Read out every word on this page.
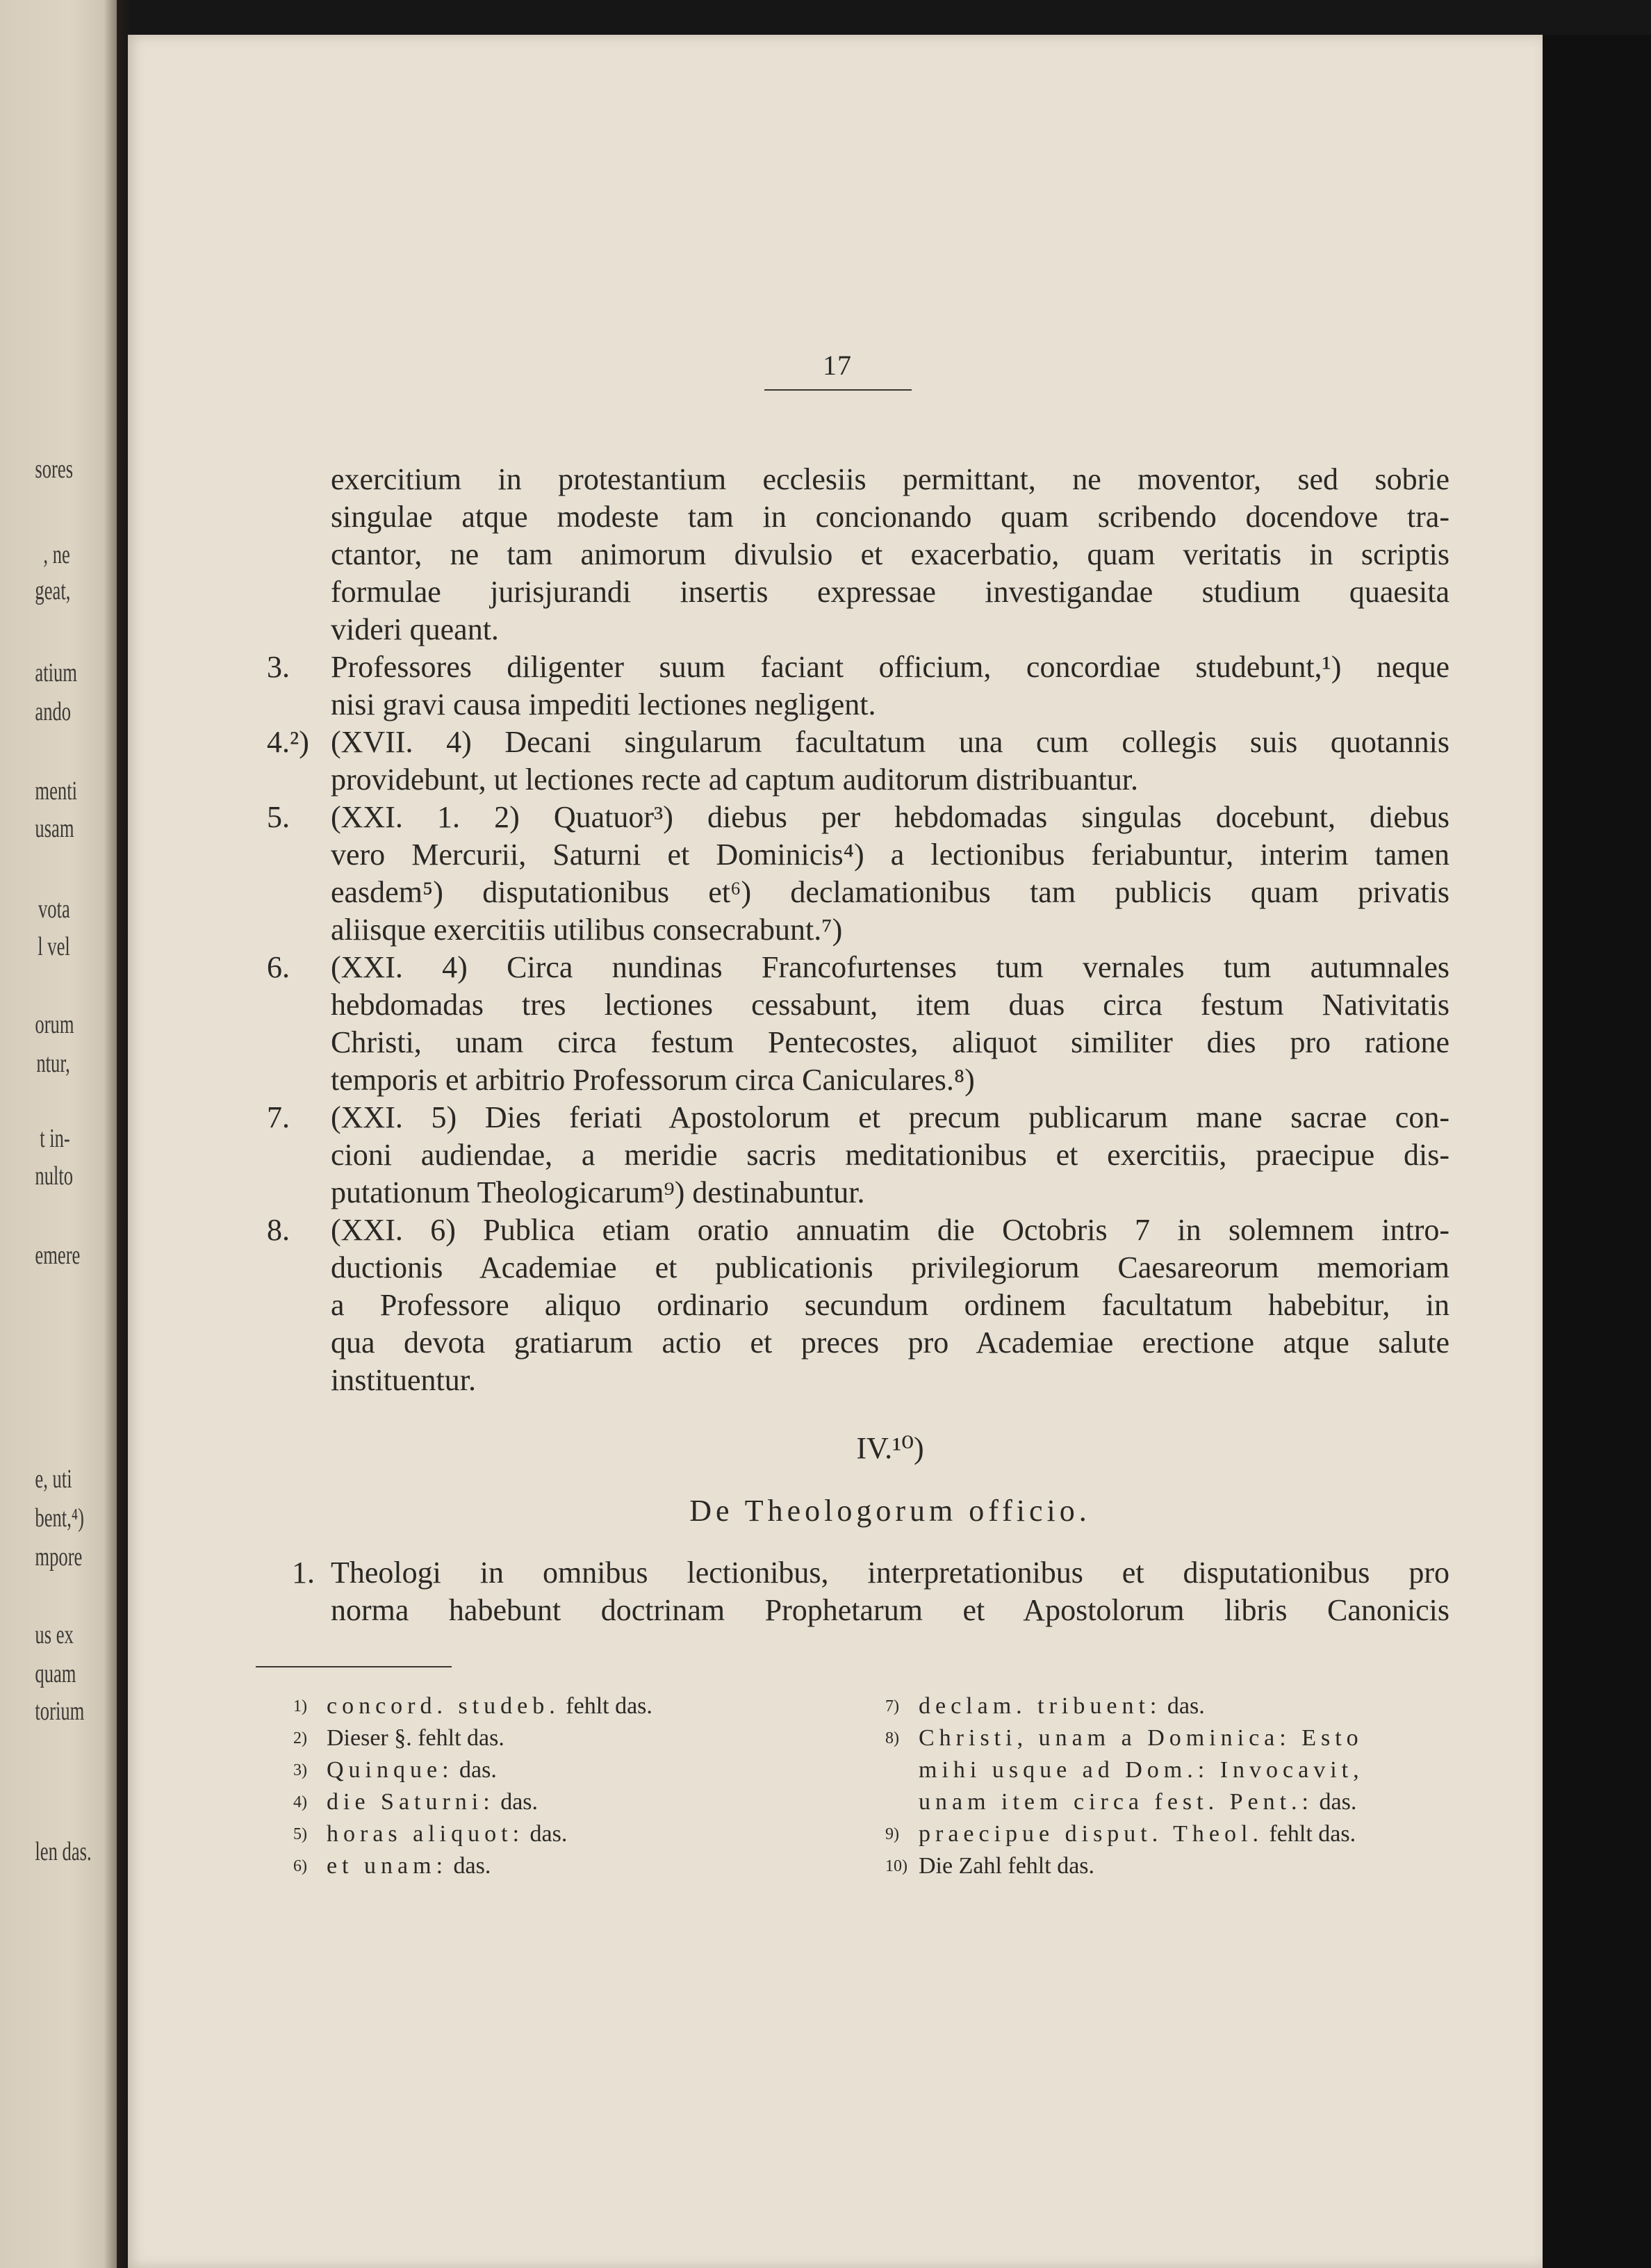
sores
, ne
geat,
atium
ando
menti
usam
vota
l vel
orum
ntur,
t in-
nulto
emere
e, uti
bent,⁴)
mpore
us ex
quam
torium
len das.
17
exercitium in protestantium ecclesiis permittant, ne moventor, sed sobrie
singulae atque modeste tam in concionando quam scribendo docendove tra-
ctantor, ne tam animorum divulsio et exacerbatio, quam veritatis in scriptis
formulae jurisjurandi insertis expressae investigandae studium quaesita
videri queant.
3.	Professores diligenter suum faciant officium, concordiae studebunt,¹) neque
nisi gravi causa impediti lectiones negligent.
4.²) (XVII. 4) Decani singularum facultatum una cum collegis suis quotannis
providebunt, ut lectiones recte ad captum auditorum distribuantur.
5.	(XXI. 1. 2) Quatuor³) diebus per hebdomadas singulas docebunt, diebus
vero Mercurii, Saturni et Dominicis⁴) a lectionibus feriabuntur, interim tamen
easdem⁵) disputationibus et⁶) declamationibus tam publicis quam privatis
aliisque exercitiis utilibus consecrabunt.⁷)
6.	(XXI. 4) Circa nundinas Francofurtenses tum vernales tum autumnales
hebdomadas tres lectiones cessabunt, item duas circa festum Nativitatis
Christi, unam circa festum Pentecostes, aliquot similiter dies pro ratione
temporis et arbitrio Professorum circa Caniculares.⁸)
7.	(XXI. 5) Dies feriati Apostolorum et precum publicarum mane sacrae con-
cioni audiendae, a meridie sacris meditationibus et exercitiis, praecipue dis-
putationum Theologicarum⁹) destinabuntur.
8.	(XXI. 6) Publica etiam oratio annuatim die Octobris 7 in solemnem intro-
ductionis Academiae et publicationis privilegiorum Caesareorum memoriam
a Professore aliquo ordinario secundum ordinem facultatum habebitur, in
qua devota gratiarum actio et preces pro Academiae erectione atque salute
instituentur.
IV.¹⁰)
De Theologorum officio.
1. Theologi in omnibus lectionibus, interpretationibus et disputationibus pro
norma habebunt doctrinam Prophetarum et Apostolorum libris Canonicis
1) concord. studeb. fehlt das.
2) Dieser §. fehlt das.
3) Quinque: das.
4) die Saturni: das.
5) horas aliquot: das.
6) et unam: das.
7) declam. tribuent: das.
8) Christi, unam a Dominica: Esto
mihi usque ad Dom.: Invocavit,
unam item circa fest. Pent.: das.
9) praecipue disput. Theol. fehlt das.
10) Die Zahl fehlt das.
